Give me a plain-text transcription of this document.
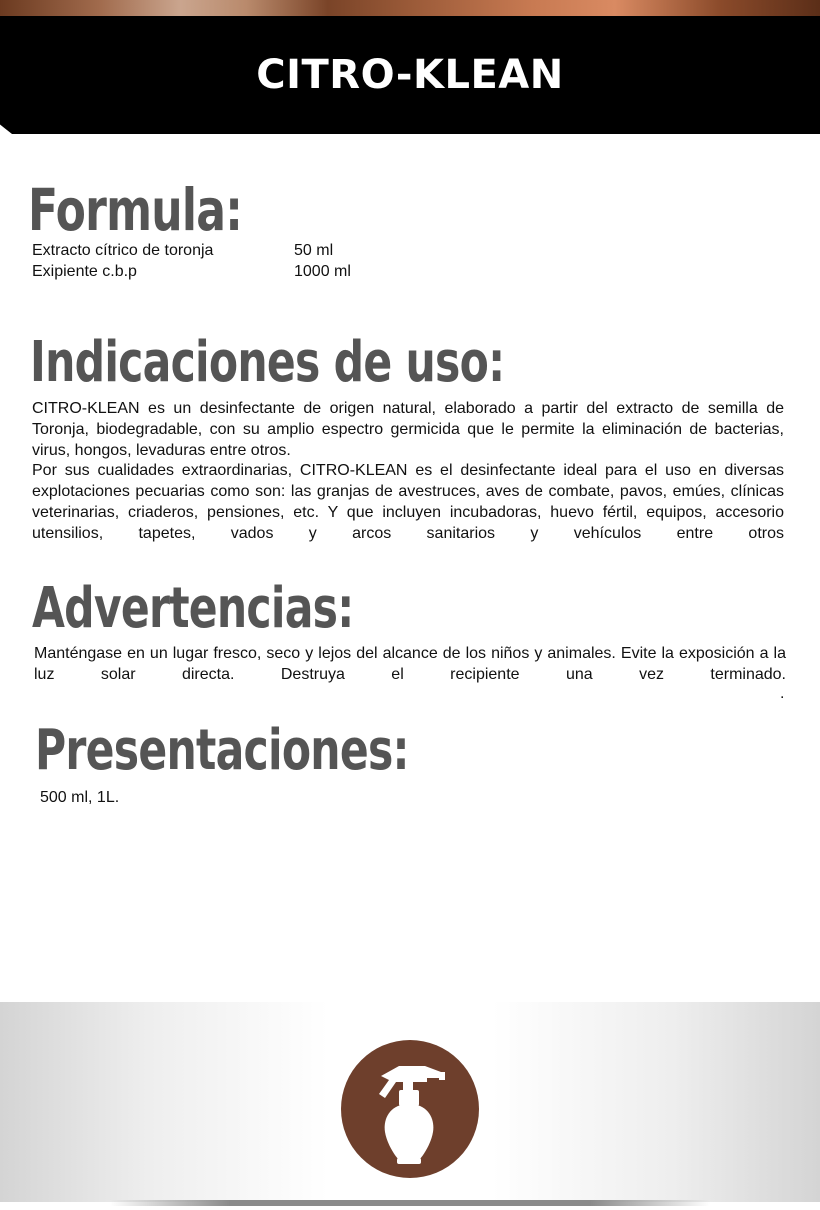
CITRO-KLEAN
Formula:
Extracto cítrico de toronja	50 ml
Exipiente c.b.p	1000 ml
Indicaciones de uso:

CITRO-KLEAN es un desinfectante de origen natural, elaborado a partir del extracto de semilla de Toronja, biodegradable, con su amplio espectro germicida que le permite la eliminación de bacterias, virus, hongos, levaduras entre otros.

Por sus cualidades extraordinarias, CITRO-KLEAN es el desinfectante ideal para el uso en diversas explotaciones pecuarias como son: las granjas de avestruces, aves de combate, pavos, emúes, clínicas veterinarias, criaderos, pensiones, etc. Y que incluyen incubadoras, huevo fértil, equipos, accesorio utensilios, tapetes, vados y arcos sanitarios y vehículos entre otros

Advertencias:

Manténgase en un lugar fresco, seco y lejos del alcance de los niños y animales. Evite la exposición a la luz solar directa. Destruya el recipiente una vez terminado.

.
Presentaciones:

500 ml, 1L.
